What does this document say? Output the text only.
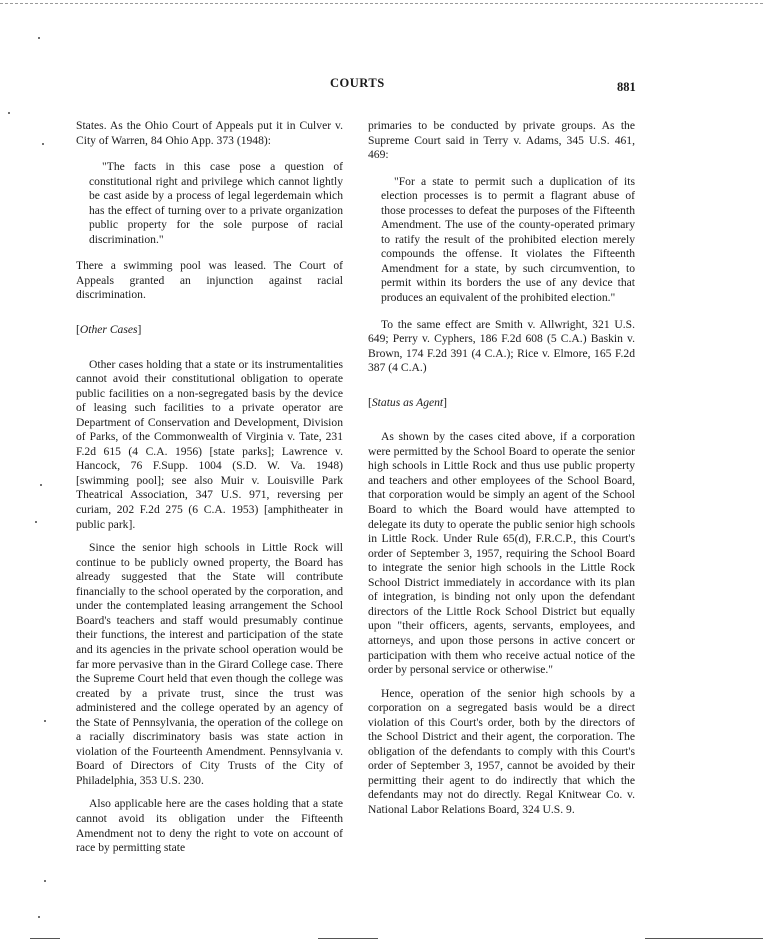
COURTS	881

States. As the Ohio Court of Appeals put it in Culver v. City of Warren, 84 Ohio App. 373 (1948):

"The facts in this case pose a question of constitutional right and privilege which cannot lightly be cast aside by a process of legal legerdemain which has the effect of turning over to a private organization public property for the sole purpose of racial discrimination."

There a swimming pool was leased. The Court of Appeals granted an injunction against racial discrimination.

[Other Cases]

Other cases holding that a state or its instrumentalities cannot avoid their constitutional obligation to operate public facilities on a non-segregated basis by the device of leasing such facilities to a private operator are Department of Conservation and Development, Division of Parks, of the Commonwealth of Virginia v. Tate, 231 F.2d 615 (4 C.A. 1956) [state parks]; Lawrence v. Hancock, 76 F.Supp. 1004 (S.D. W. Va. 1948) [swimming pool]; see also Muir v. Louisville Park Theatrical Association, 347 U.S. 971, reversing per curiam, 202 F.2d 275 (6 C.A. 1953) [amphitheater in public park].

Since the senior high schools in Little Rock will continue to be publicly owned property, the Board has already suggested that the State will contribute financially to the school operated by the corporation, and under the contemplated leasing arrangement the School Board's teachers and staff would presumably continue their functions, the interest and participation of the state and its agencies in the private school operation would be far more pervasive than in the Girard College case. There the Supreme Court held that even though the college was created by a private trust, since the trust was administered and the college operated by an agency of the State of Pennsylvania, the operation of the college on a racially discriminatory basis was state action in violation of the Fourteenth Amendment. Pennsylvania v. Board of Directors of City Trusts of the City of Philadelphia, 353 U.S. 230.

Also applicable here are the cases holding that a state cannot avoid its obligation under the Fifteenth Amendment not to deny the right to vote on account of race by permitting state

primaries to be conducted by private groups. As the Supreme Court said in Terry v. Adams, 345 U.S. 461, 469:

"For a state to permit such a duplication of its election processes is to permit a flagrant abuse of those processes to defeat the purposes of the Fifteenth Amendment. The use of the county-operated primary to ratify the result of the prohibited election merely compounds the offense. It violates the Fifteenth Amendment for a state, by such circumvention, to permit within its borders the use of any device that produces an equivalent of the prohibited election."

To the same effect are Smith v. Allwright, 321 U.S. 649; Perry v. Cyphers, 186 F.2d 608 (5 C.A.) Baskin v. Brown, 174 F.2d 391 (4 C.A.); Rice v. Elmore, 165 F.2d 387 (4 C.A.)

[Status as Agent]

As shown by the cases cited above, if a corporation were permitted by the School Board to operate the senior high schools in Little Rock and thus use public property and teachers and other employees of the School Board, that corporation would be simply an agent of the School Board to which the Board would have attempted to delegate its duty to operate the public senior high schools in Little Rock. Under Rule 65(d), F.R.C.P., this Court's order of September 3, 1957, requiring the School Board to integrate the senior high schools in the Little Rock School District immediately in accordance with its plan of integration, is binding not only upon the defendant directors of the Little Rock School District but equally upon "their officers, agents, servants, employees, and attorneys, and upon those persons in active concert or participation with them who receive actual notice of the order by personal service or otherwise."

Hence, operation of the senior high schools by a corporation on a segregated basis would be a direct violation of this Court's order, both by the directors of the School District and their agent, the corporation. The obligation of the defendants to comply with this Court's order of September 3, 1957, cannot be avoided by their permitting their agent to do indirectly that which the defendants may not do directly. Regal Knitwear Co. v. National Labor Relations Board, 324 U.S. 9.
